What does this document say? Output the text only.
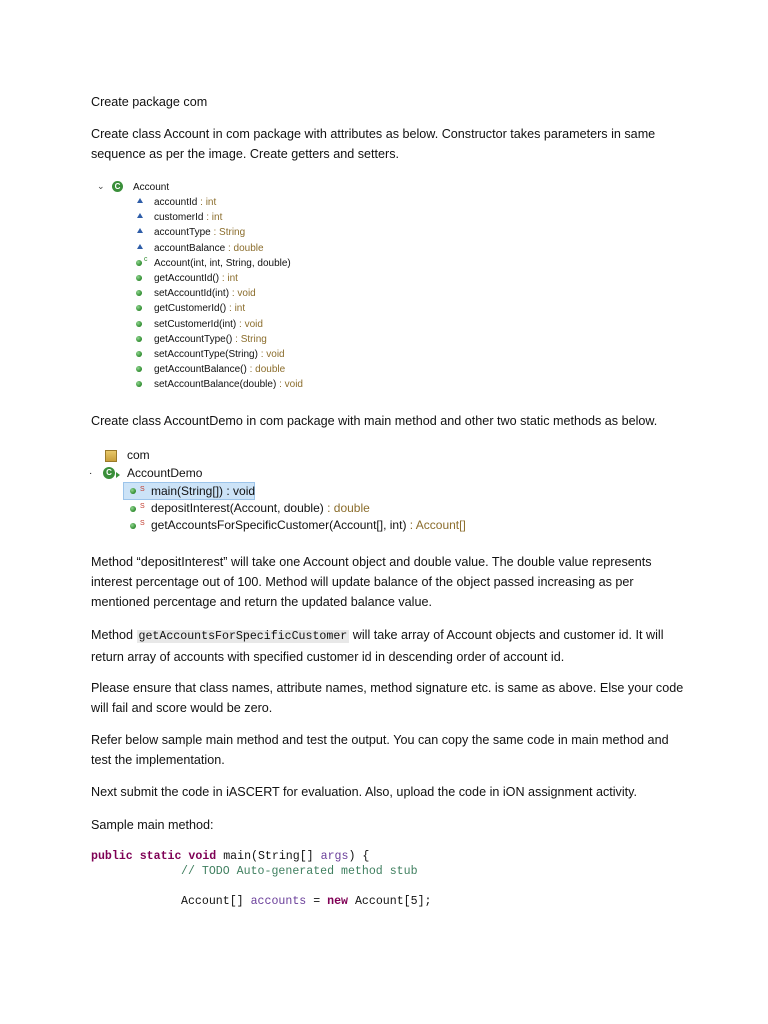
Create package com

Create class Account in com package with attributes as below. Constructor takes parameters in same sequence as per the image. Create getters and setters.

⌄	C Account
accountId : int
customerId : int
accountType : String
accountBalance : double
c Account(int, int, String, double)
getAccountId() : int
setAccountId(int) : void
getCustomerId() : int
setCustomerId(int) : void
getAccountType() : String
setAccountType(String) : void
getAccountBalance() : double
setAccountBalance(double) : void

Create class AccountDemo in com package with main method and other two static methods as below.

com
·	C AccountDemo
S main(String[]) : void
S depositInterest(Account, double) : double
S getAccountsForSpecificCustomer(Account[], int) : Account[]

Method “depositInterest” will take one Account object and double value. The double value represents interest percentage out of 100. Method will update balance of the object passed increasing as per mentioned percentage and return the updated balance value.

Method getAccountsForSpecificCustomer will take array of Account objects and customer id. It will return array of accounts with specified customer id in descending order of account id.

Please ensure that class names, attribute names, method signature etc. is same as above. Else your code will fail and score would be zero.

Refer below sample main method and test the output. You can copy the same code in main method and test the implementation.

Next submit the code in iASCERT for evaluation. Also, upload the code in iON assignment activity.

Sample main method:

public static void main(String[] args) {
// TODO Auto-generated method stub
Account[] accounts = new Account[5];
